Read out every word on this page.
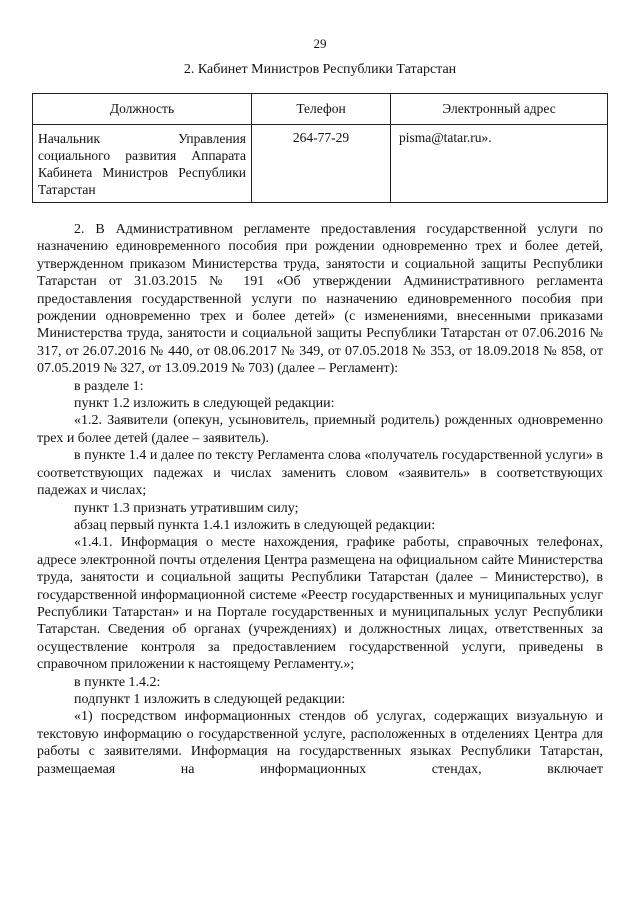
29
2. Кабинет Министров Республики Татарстан
Должность	Телефон	Электронный адрес

Начальник Управления
социального развития Аппарата
Кабинета Министров Республики
Татарстан	264-77-29	pisma@tatar.ru».

2. В Административном регламенте предоставления государственной услуги по назначению единовременного пособия при рождении одновременно трех и более детей, утвержденном приказом Министерства труда, занятости и социальной защиты Республики Татарстан от 31.03.2015 № 191 «Об утверждении Административного регламента предоставления государственной услуги по назначению единовременного пособия при рождении одновременно трех и более детей» (с изменениями, внесенными приказами Министерства труда, занятости и социальной защиты Республики Татарстан от 07.06.2016 № 317, от 26.07.2016 № 440, от 08.06.2017 № 349, от 07.05.2018 № 353, от 18.09.2018 № 858, от 07.05.2019 № 327, от 13.09.2019 № 703) (далее – Регламент):

в разделе 1:

пункт 1.2 изложить в следующей редакции:

«1.2. Заявители (опекун, усыновитель, приемный родитель) рожденных одновременно трех и более детей (далее – заявитель).

в пункте 1.4 и далее по тексту Регламента слова «получатель государственной услуги» в соответствующих падежах и числах заменить словом «заявитель» в соответствующих падежах и числах;

пункт 1.3 признать утратившим силу;

абзац первый пункта 1.4.1 изложить в следующей редакции:

«1.4.1. Информация о месте нахождения, графике работы, справочных телефонах, адресе электронной почты отделения Центра размещена на официальном сайте Министерства труда, занятости и социальной защиты Республики Татарстан (далее – Министерство), в государственной информационной системе «Реестр государственных и муниципальных услуг Республики Татарстан» и на Портале государственных и муниципальных услуг Республики Татарстан. Сведения об органах (учреждениях) и должностных лицах, ответственных за осуществление контроля за предоставлением государственной услуги, приведены в справочном приложении к настоящему Регламенту.»;

в пункте 1.4.2:

подпункт 1 изложить в следующей редакции:

«1) посредством информационных стендов об услугах, содержащих визуальную и текстовую информацию о государственной услуге, расположенных в отделениях Центра для работы с заявителями. Информация на государственных языках Республики Татарстан, размещаемая на информационных стендах, включает
